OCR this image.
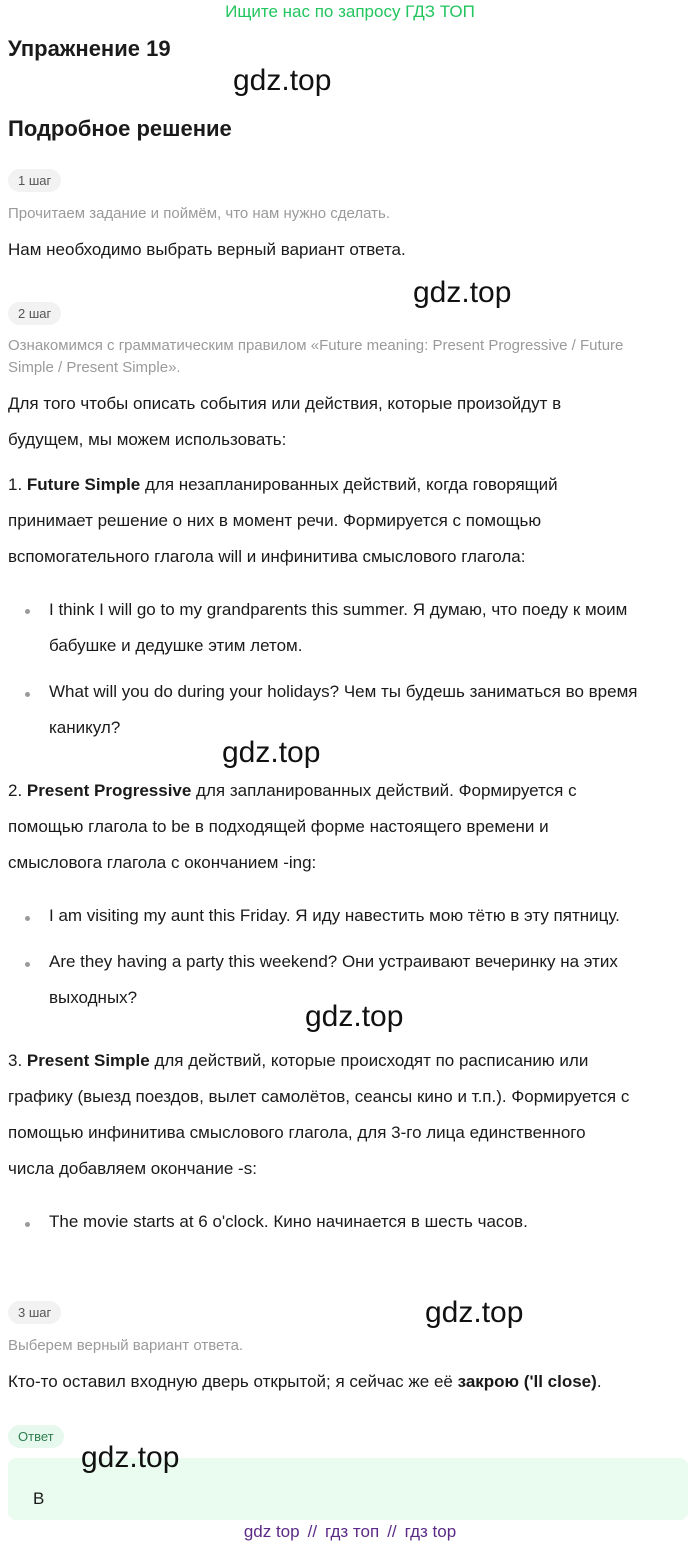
Ищите нас по запросу ГДЗ ТОП
Упражнение 19
gdz.top
Подробное решение
1 шаг
Прочитаем задание и поймём, что нам нужно сделать.
Нам необходимо выбрать верный вариант ответа.
gdz.top
2 шаг
Ознакомимся с грамматическим правилом «Future meaning: Present Progressive / Future
Simple / Present Simple».
Для того чтобы описать события или действия, которые произойдут в
будущем, мы можем использовать:
1. Future Simple для незапланированных действий, когда говорящий
принимает решение о них в момент речи. Формируется с помощью
вспомогательного глагола will и инфинитива смыслового глагола:
I think I will go to my grandparents this summer. Я думаю, что поеду к моим
бабушке и дедушке этим летом.
What will you do during your holidays? Чем ты будешь заниматься во время
каникул?
gdz.top
2. Present Progressive для запланированных действий. Формируется с
помощью глагола to be в подходящей форме настоящего времени и
смысловога глагола с окончанием -ing:
I am visiting my aunt this Friday. Я иду навестить мою тётю в эту пятницу.
Are they having a party this weekend? Они устраивают вечеринку на этих
выходных?
gdz.top
3. Present Simple для действий, которые происходят по расписанию или
графику (выезд поездов, вылет самолётов, сеансы кино и т.п.). Формируется с
помощью инфинитива смыслового глагола, для 3-го лица единственного
числа добавляем окончание -s:
The movie starts at 6 o'clock. Кино начинается в шесть часов.
3 шаг	gdz.top
Выберем верный вариант ответа.
Кто-то оставил входную дверь открытой; я сейчас же её закрою ('ll close).
Ответ
gdz.top
B
gdz top // гдз топ // гдз top
